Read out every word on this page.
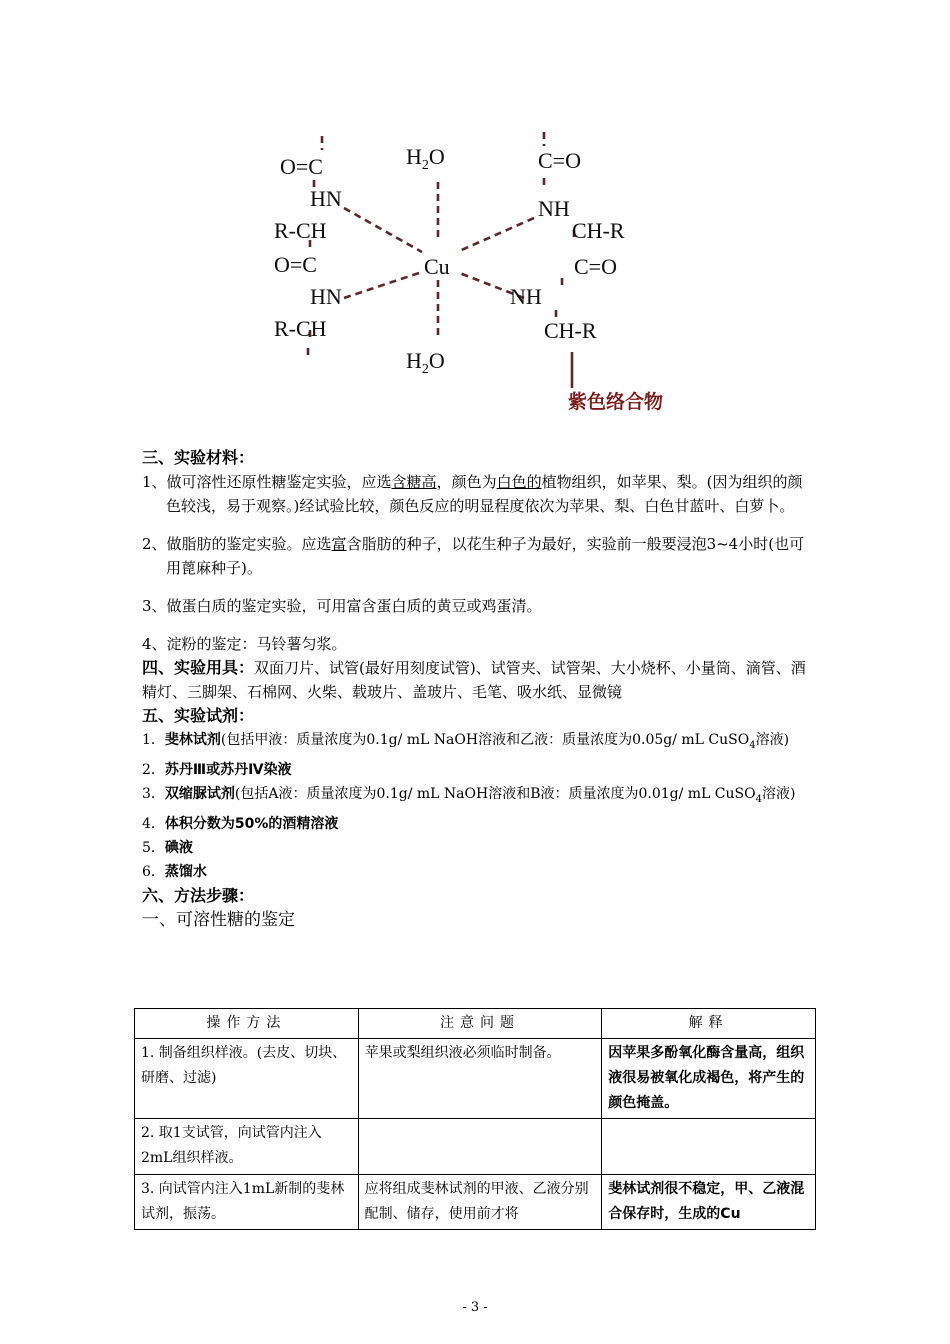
$H_2O$
$H_2O$
Cu
O=C
HN
R-CH
O=C
HN
R-CH
C=O
NH
CH-R
C=O
NH
CH-R
紫色络合物
三、实验材料：

1、做可溶性还原性糖鉴定实验，应选含糖高，颜色为白色的植物组织，如苹果、梨。(因为组织的颜色较浅，易于观察。)经试验比较，颜色反应的明显程度依次为苹果、梨、白色甘蓝叶、白萝卜。

2、做脂肪的鉴定实验。应选富含脂肪的种子，以花生种子为最好，实验前一般要浸泡3~4小时(也可用蓖麻种子)。

3、做蛋白质的鉴定实验，可用富含蛋白质的黄豆或鸡蛋清。

4、淀粉的鉴定：马铃薯匀浆。

四、实验用具：双面刀片、试管(最好用刻度试管)、试管夹、试管架、大小烧杯、小量筒、滴管、酒精灯、三脚架、石棉网、火柴、载玻片、盖玻片、毛笔、吸水纸、显微镜

五、实验试剂：

1．斐林试剂(包括甲液：质量浓度为0.1g/ mL NaOH溶液和乙液：质量浓度为0.05g/ mL CuSO$_4$溶液)

2．苏丹Ⅲ或苏丹Ⅳ染液

3．双缩脲试剂(包括A液：质量浓度为0.1g/ mL NaOH溶液和B液：质量浓度为0.01g/ mL CuSO$_4$溶液)

4．体积分数为50%的酒精溶液

5．碘液

6．蒸馏水

六、方法步骤：
一、可溶性糖的鉴定
操作方法	注意问题	解释
1. 制备组织样液。(去皮、切块、研磨、过滤)	苹果或梨组织液必须临时制备。	因苹果多酚氧化酶含量高，组织液很易被氧化成褐色，将产生的颜色掩盖。
2. 取1支试管，向试管内注入2mL组织样液。		
3. 向试管内注入1mL新制的斐林试剂，振荡。	应将组成斐林试剂的甲液、乙液分别配制、储存，使用前才将	斐林试剂很不稳定，甲、乙液混合保存时，生成的Cu
- 3 -
